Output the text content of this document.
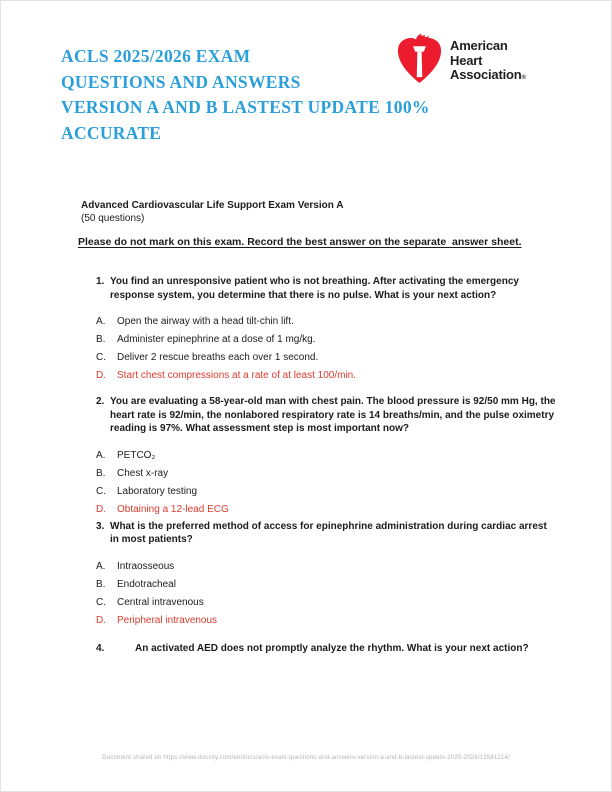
ACLS 2025/2026 EXAM
QUESTIONS AND ANSWERS
VERSION A AND B LASTEST UPDATE 100%
ACCURATE
American
Heart
Association®
Advanced Cardiovascular Life Support Exam Version A
(50 questions)
Please do not mark on this exam. Record the best answer on the separate  answer sheet.
1. You find an unresponsive patient who is not breathing. After activating the emergency response system, you determine that there is no pulse. What is your next action?
A.	Open the airway with a head tilt-chin lift.
B.	Administer epinephrine at a dose of 1 mg/kg.
C.	Deliver 2 rescue breaths each over 1 second.
D.	Start chest compressions at a rate of at least 100/min.
2. You are evaluating a 58-year-old man with chest pain. The blood pressure is 92/50 mm Hg, the heart rate is 92/min, the nonlabored respiratory rate is 14 breaths/min, and the pulse oximetry reading is 97%. What assessment step is most important now?
A.	PETCO₂
B.	Chest x-ray
C.	Laboratory testing
D.	Obtaining a 12-lead ECG
3. What is the preferred method of access for epinephrine administration during cardiac arrest in most patients?
A.	Intraosseous
B.	Endotracheal
C.	Central intravenous
D.	Peripheral intravenous
4.	An activated AED does not promptly analyze the rhythm. What is your next action?
Document shared on https://www.docsity.com/en/docs/acls-exam-questions-and-answers-version-a-and-b-lastest-update-2025-2026/13581214/
